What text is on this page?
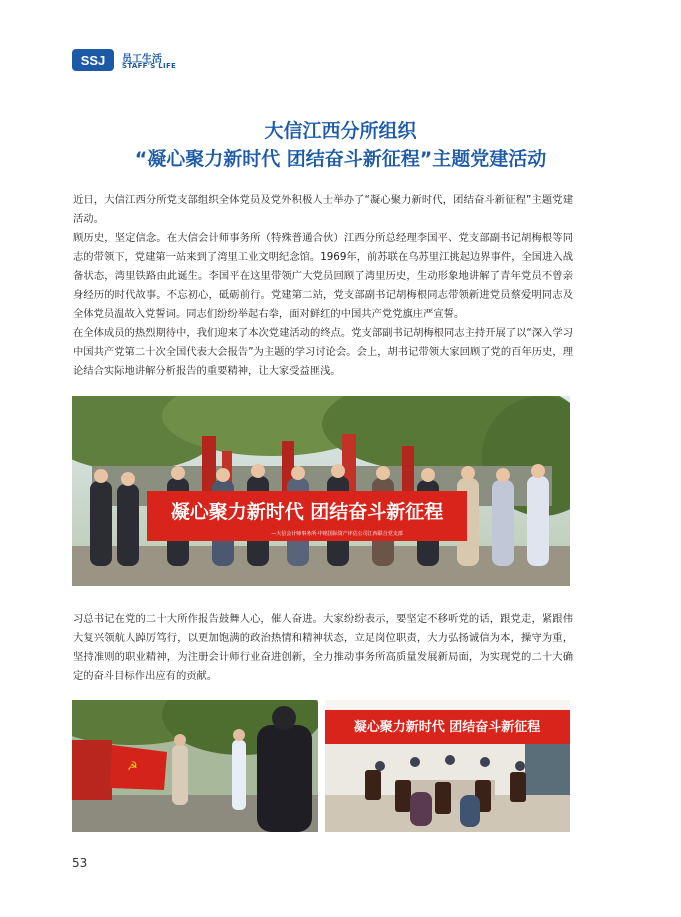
SSJ 员工生活
STAFF'S LIFE
大信江西分所组织
“凝心聚力新时代 团结奋斗新征程”主题党建活动

近日，大信江西分所党支部组织全体党员及党外积极人士举办了“凝心聚力新时代，团结奋斗新征程”主题党建活动。

顾历史，坚定信念。在大信会计师事务所（特殊普通合伙）江西分所总经理李国平、党支部副书记胡梅根等同志的带领下，党建第一站来到了湾里工业文明纪念馆。1969年，前苏联在乌苏里江挑起边界事件，全国进入战备状态，湾里铁路由此诞生。李国平在这里带领广大党员回顾了湾里历史，生动形象地讲解了青年党员不曾亲身经历的时代故事。不忘初心，砥砺前行。党建第二站，党支部副书记胡梅根同志带领新进党员蔡爱明同志及全体党员温故入党誓词。同志们纷纷举起右拳，面对鲜红的中国共产党党旗庄严宣誓。

在全体成员的热烈期待中，我们迎来了本次党建活动的终点。党支部副书记胡梅根同志主持开展了以“深入学习中国共产党第二十次全国代表大会报告”为主题的学习讨论会。会上，胡书记带领大家回顾了党的百年历史，理论结合实际地讲解分析报告的重要精神，让大家受益匪浅。

凝心聚力新时代 团结奋斗新征程
—大信会计师事务所·中铭国际资产评估公司江西联合党支部

习总书记在党的二十大所作报告鼓舞人心，催人奋进。大家纷纷表示，要坚定不移听党的话，跟党走，紧跟伟大复兴领航人踔厉笃行，以更加饱满的政治热情和精神状态，立足岗位职责，大力弘扬诚信为本，操守为重，坚持准则的职业精神，为注册会计师行业奋进创新，全力推动事务所高质量发展新局面，为实现党的二十大确定的奋斗目标作出应有的贡献。

☭
凝心聚力新时代 团结奋斗新征程
53
